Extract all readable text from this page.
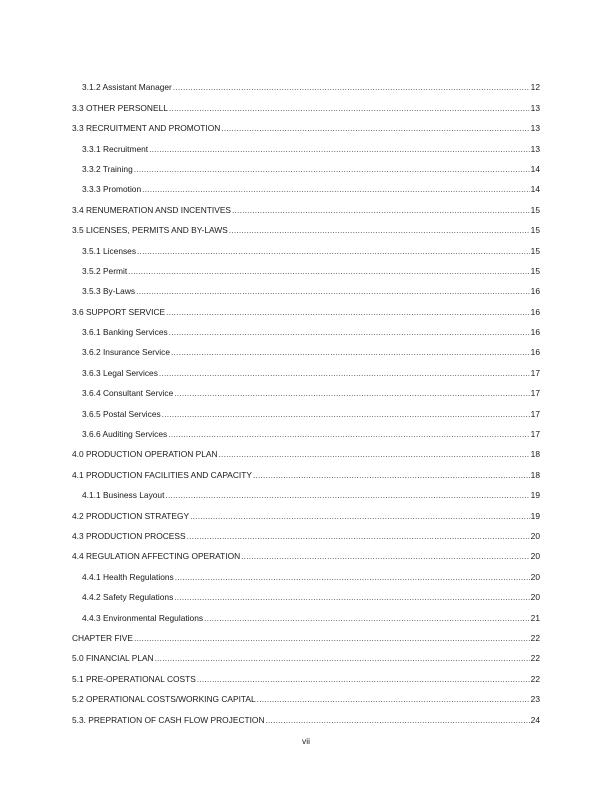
3.1.2 Assistant Manager .....	12
3.3 OTHER PERSONELL .....	13
3.3 RECRUITMENT AND PROMOTION .....	13
3.3.1 Recruitment .....	13
3.3.2 Training .....	14
3.3.3 Promotion .....	14
3.4 RENUMERATION ANSD INCENTIVES .....	15
3.5 LICENSES, PERMITS AND BY-LAWS .....	15
3.5.1 Licenses .....	15
3.5.2 Permit .....	15
3.5.3 By-Laws .....	16
3.6 SUPPORT SERVICE .....	16
3.6.1 Banking Services .....	16
3.6.2 Insurance Service .....	16
3.6.3 Legal Services .....	17
3.6.4 Consultant Service .....	17
3.6.5 Postal Services .....	17
3.6.6 Auditing Services .....	17
4.0 PRODUCTION OPERATION PLAN .....	18
4.1 PRODUCTION FACILITIES AND CAPACITY .....	18
4.1.1 Business Layout .....	19
4.2 PRODUCTION STRATEGY .....	19
4.3 PRODUCTION PROCESS .....	20
4.4 REGULATION AFFECTING OPERATION .....	20
4.4.1 Health Regulations .....	20
4.4.2 Safety Regulations .....	20
4.4.3 Environmental Regulations .....	21
CHAPTER FIVE .....	22
5.0 FINANCIAL PLAN .....	22
5.1 PRE-OPERATIONAL COSTS .....	22
5.2 OPERATIONAL COSTS/WORKING CAPITAL .....	23
5.3. PREPRATION OF CASH FLOW PROJECTION .....	24
vii
